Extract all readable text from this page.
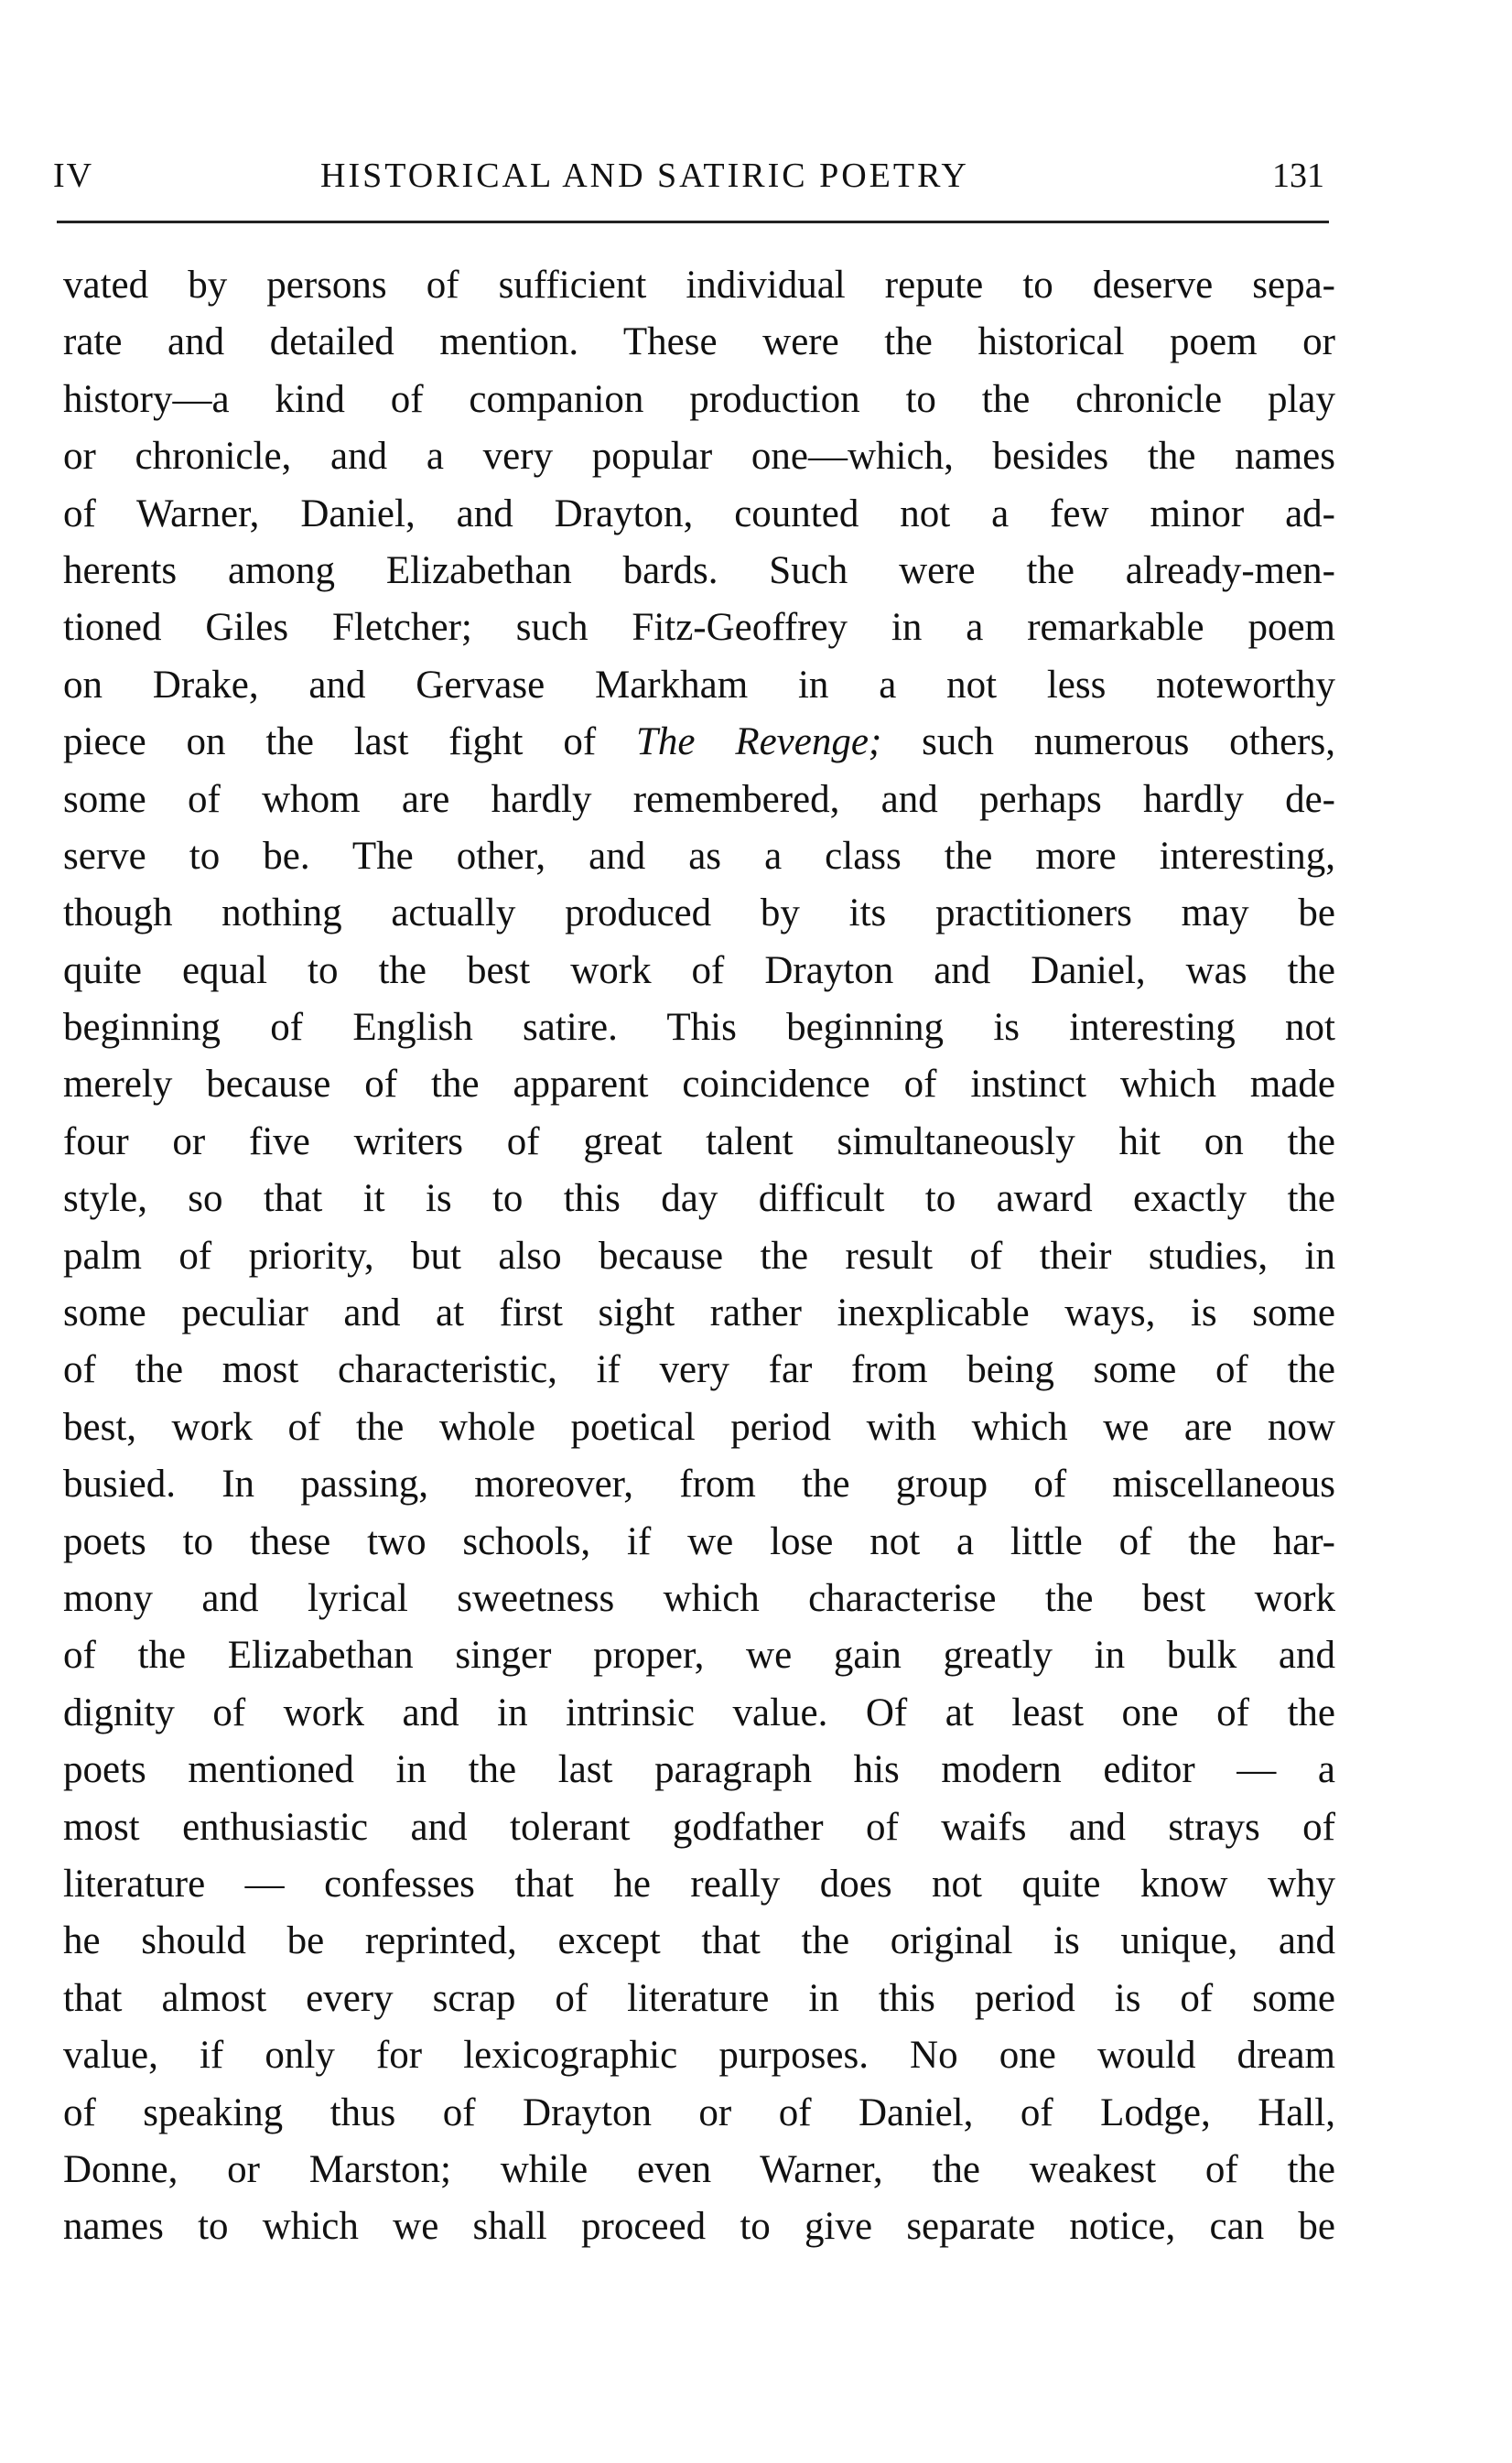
IV	HISTORICAL AND SATIRIC POETRY	131
vated by persons of sufficient individual repute to deserve sepa-
rate and detailed mention. These were the historical poem or
history—a kind of companion production to the chronicle play
or chronicle, and a very popular one—which, besides the names
of Warner, Daniel, and Drayton, counted not a few minor ad-
herents among Elizabethan bards. Such were the already-men-
tioned Giles Fletcher; such Fitz-Geoffrey in a remarkable poem
on Drake, and Gervase Markham in a not less noteworthy
piece on the last fight of The Revenge; such numerous others,
some of whom are hardly remembered, and perhaps hardly de-
serve to be. The other, and as a class the more interesting,
though nothing actually produced by its practitioners may be
quite equal to the best work of Drayton and Daniel, was the
beginning of English satire. This beginning is interesting not
merely because of the apparent coincidence of instinct which made
four or five writers of great talent simultaneously hit on the
style, so that it is to this day difficult to award exactly the
palm of priority, but also because the result of their studies, in
some peculiar and at first sight rather inexplicable ways, is some
of the most characteristic, if very far from being some of the
best, work of the whole poetical period with which we are now
busied. In passing, moreover, from the group of miscellaneous
poets to these two schools, if we lose not a little of the har-
mony and lyrical sweetness which characterise the best work
of the Elizabethan singer proper, we gain greatly in bulk and
dignity of work and in intrinsic value. Of at least one of the
poets mentioned in the last paragraph his modern editor — a
most enthusiastic and tolerant godfather of waifs and strays of
literature — confesses that he really does not quite know why
he should be reprinted, except that the original is unique, and
that almost every scrap of literature in this period is of some
value, if only for lexicographic purposes. No one would dream
of speaking thus of Drayton or of Daniel, of Lodge, Hall,
Donne, or Marston; while even Warner, the weakest of the
names to which we shall proceed to give separate notice, can be
